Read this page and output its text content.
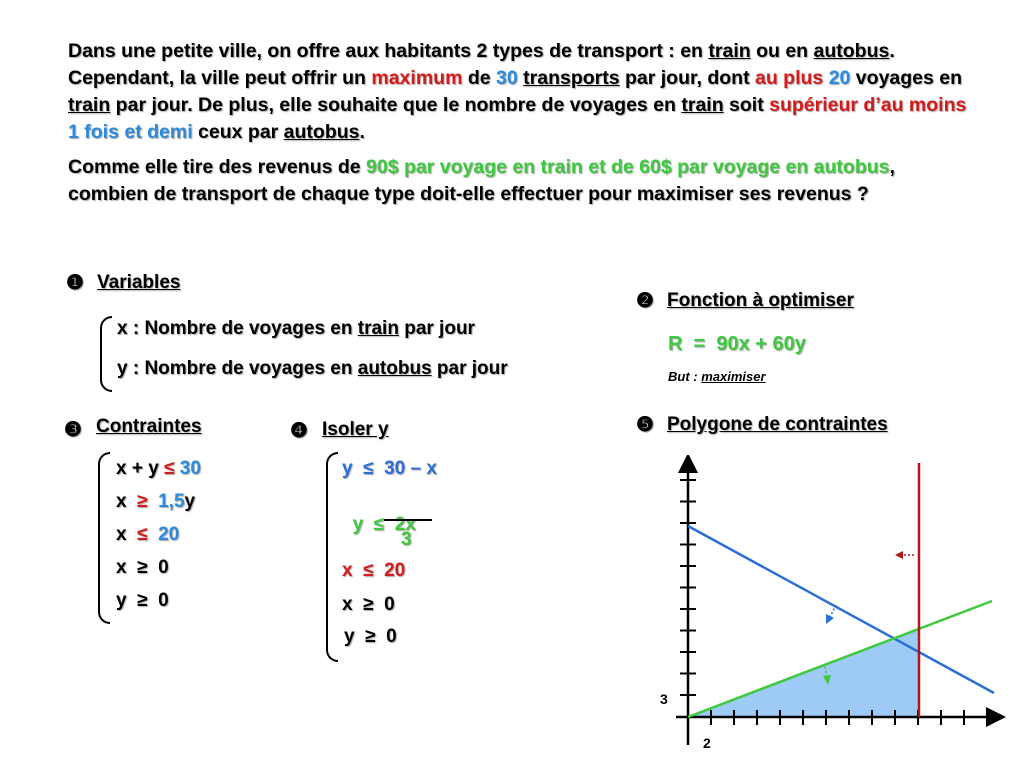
Dans une petite ville, on offre aux habitants 2 types de transport : en train ou en autobus. Cependant, la ville peut offrir un maximum de 30 transports par jour, dont au plus 20 voyages en train par jour. De plus, elle souhaite que le nombre de voyages en train soit supérieur d’au moins 1 fois et demi ceux par autobus.

Comme elle tire des revenus de 90$ par voyage en train et de 60$ par voyage en autobus, combien de transport de chaque type doit-elle effectuer pour maximiser ses revenus ?

❶ Variables
x : Nombre de voyages en train par jour
y : Nombre de voyages en autobus par jour
❷ Fonction à optimiser
R  =  90x + 60y
But : maximiser
❸ Contraintes
x + y ≤ 30
x  ≥  1,5y
x  ≤  20
x  ≥  0
y  ≥  0
❹ Isoler y
y  ≤  30 – x

y  ≤  2x

3
x  ≤  20
x  ≥  0
y  ≥  0
❺ Polygone de contraintes
3
2
